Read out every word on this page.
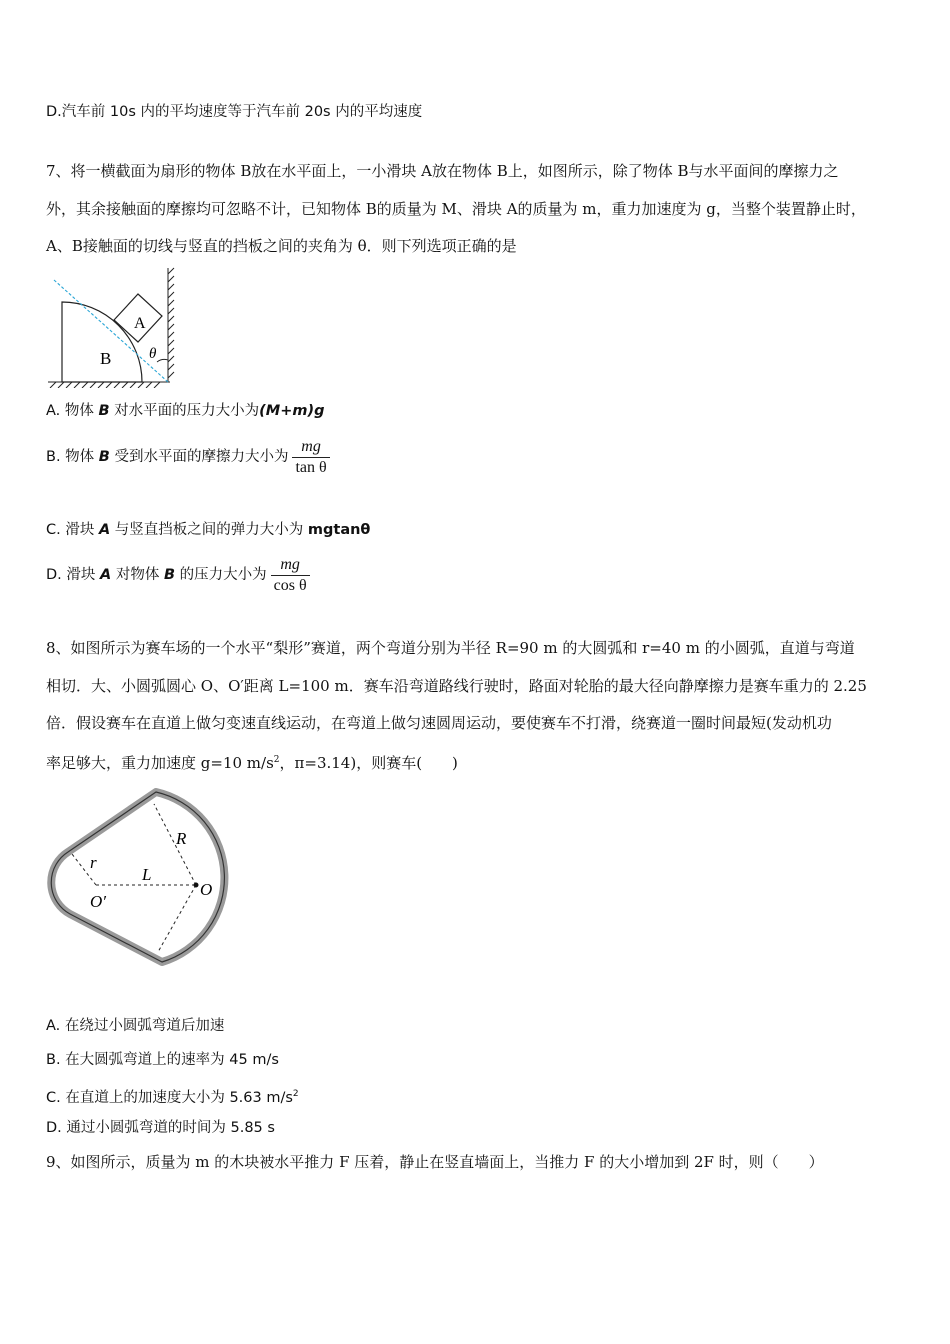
D.汽车前 10s 内的平均速度等于汽车前 20s 内的平均速度
7、将一横截面为扇形的物体 B放在水平面上，一小滑块 A放在物体 B上，如图所示，除了物体 B与水平面间的摩擦力之
外，其余接触面的摩擦均可忽略不计，已知物体 B的质量为 M、滑块 A的质量为 m，重力加速度为 g，当整个装置静止时，
A、B接触面的切线与竖直的挡板之间的夹角为 θ．则下列选项正确的是
B
A
θ
A. 物体 B 对水平面的压力大小为(M+m)g
B. 物体 B 受到水平面的摩擦力大小为 $\frac{mg}{\text{tan θ}}$
C. 滑块 A 与竖直挡板之间的弹力大小为 mgtanθ
D. 滑块 A 对物体 B 的压力大小为 $\frac{mg}{\text{cos θ}}$
8、如图所示为赛车场的一个水平“梨形”赛道，两个弯道分别为半径 R=90 m 的大圆弧和 r=40 m 的小圆弧，直道与弯道
相切．大、小圆弧圆心 O、O′距离 L=100 m．赛车沿弯道路线行驶时，路面对轮胎的最大径向静摩擦力是赛车重力的 2.25
倍．假设赛车在直道上做匀变速直线运动，在弯道上做匀速圆周运动，要使赛车不打滑，绕赛道一圈时间最短(发动机功
率足够大，重力加速度 g=10 $m/s^2$，π=3.14)，则赛车(　　)
R
r
L
O
O′
A. 在绕过小圆弧弯道后加速
B. 在大圆弧弯道上的速率为 45 m/s
C. 在直道上的加速度大小为 5.63 $m/s^2$
D. 通过小圆弧弯道的时间为 5.85 s
9、如图所示，质量为 m 的木块被水平推力 F 压着，静止在竖直墙面上，当推力 F 的大小增加到 2F 时，则（　　）
